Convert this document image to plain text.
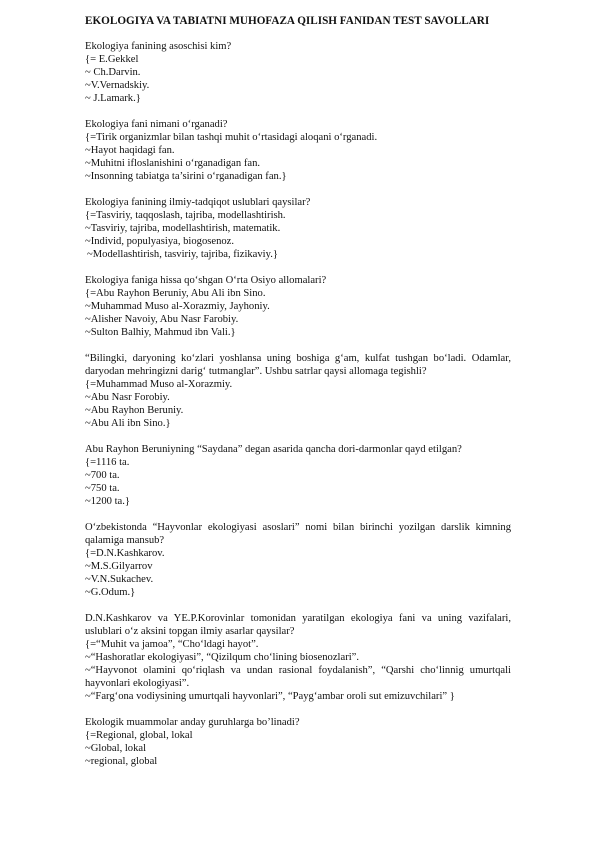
EKOLOGIYA VA TABIATNI MUHOFAZA QILISH FANIDAN TEST SAVOLLARI
Ekologiya fanining asoschisi kim?
{= E.Gekkel
~ Ch.Darvin.
~V.Vernadskiy.
~ J.Lamark.}
Ekologiya fani nimani o‘rganadi?
{=Tirik organizmlar bilan tashqi muhit o‘rtasidagi aloqani o‘rganadi.
~Hayot haqidagi fan.
~Muhitni ifloslanishini o‘rganadigan fan.
~Insonning tabiatga ta’sirini o‘rganadigan fan.}
Ekologiya fanining ilmiy-tadqiqot uslublari qaysilar?
{=Tasviriy, taqqoslash, tajriba, modellashtirish.
~Tasviriy, tajriba, modellashtirish, matematik.
~Individ, populyasiya, biogosenoz.
~Modellashtirish, tasviriy, tajriba, fizikaviy.}
Ekologiya faniga hissa qo‘shgan O‘rta Osiyo allomalari?
{=Abu Rayhon Beruniy, Abu Ali ibn Sino.
~Muhammad Muso al-Xorazmiy, Jayhoniy.
~Alisher Navoiy, Abu Nasr Farobiy.
~Sulton Balhiy, Mahmud ibn Vali.}
“Bilingki, daryoning ko‘zlari yoshlansa uning boshiga g‘am, kulfat tushgan bo‘ladi. Odamlar, daryodan mehringizni darig‘ tutmanglar”. Ushbu satrlar qaysi allomaga tegishli?
{=Muhammad Muso al-Xorazmiy.
~Abu Nasr Forobiy.
~Abu Rayhon Beruniy.
~Abu Ali ibn Sino.}
Abu Rayhon Beruniyning “Saydana” degan asarida qancha dori-darmonlar qayd etilgan?
{=1116 ta.
~700 ta.
~750 ta.
~1200 ta.}
O‘zbekistonda “Hayvonlar ekologiyasi asoslari” nomi bilan birinchi yozilgan darslik kimning qalamiga mansub?
{=D.N.Kashkarov.
~M.S.Gilyarrov
~V.N.Sukachev.
~G.Odum.}
D.N.Kashkarov va YE.P.Korovinlar tomonidan yaratilgan ekologiya fani va uning vazifalari, uslublari o‘z aksini topgan ilmiy asarlar qaysilar?
{=“Muhit va jamoa”, “Cho‘ldagi hayot”.
~“Hashoratlar ekologiyasi”, “Qizilqum cho‘lining biosenozlari”.
~“Hayvonot olamini qo‘riqlash va undan rasional foydalanish”, “Qarshi cho‘linnig umurtqali hayvonlari ekologiyasi”.
~“Farg‘ona vodiysining umurtqali hayvonlari”, “Payg‘ambar oroli sut emizuvchilari” }
Ekologik muammolar anday guruhlarga bo’linadi?
{=Regional, global, lokal
~Global, lokal
~regional, global
